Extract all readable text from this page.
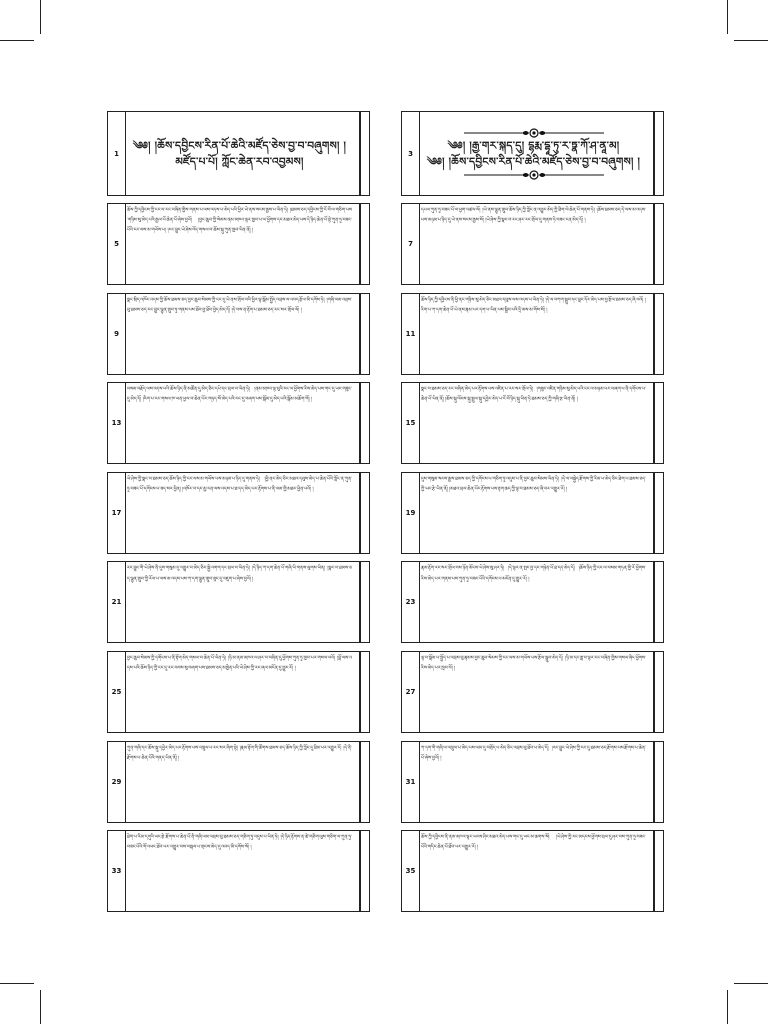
1
༄༅། །ཆོས་དབྱིངས་རིན་པོ་ཆེའི་མཛོད་ཅེས་བྱ་བ་བཞུགས། །
མཛོད་པ་པོ། ཀློང་ཆེན་རབ་འབྱམས།
5
ཆོས་ཀྱི་དབྱིངས་ཀྱི་ངང་ལ་རང་བཞིན་གྱིས་གནས་པ་ལས་འདས་པ་མེད་པའི་ཕྱིར་ཡེ་ནས་སངས་རྒྱས་པ་ཡིན་ཏེ། །ཐམས་ཅད་དབྱིངས་ཀྱི་ངོ་བོ་ལ་གཅིག་པས་གཉིས་སུ་མེད་པའི་རྒྱལ་པོ་ཆེན་པོ་ཞེས་བྱའོ། །བྱང་ཆུབ་ཀྱི་སེམས་ནམ་མཁའ་ལྟར་ཁྱབ་པ་ལ་ཕྱོགས་དང་མཐའ་མེད་པས་དེ་ཉིད་ཆེན་པོ་སྟེ་ཀུན་ཏུ་བཟང་པོའི་ངང་ལས་མ་གཡོས་པ། །རང་བྱུང་ཡེ་ཤེས་འོད་གསལ་བ་ཆོས་སྐུ་ཀུན་ཁྱབ་ཡིན་ནོ། །
9
སྣང་སྲིད་འཁོར་འདས་ཀྱི་ཆོས་ཐམས་ཅད་བྱང་ཆུབ་སེམས་ཀྱི་ངང་དུ་ཡེ་ནས་གྲོལ་བའི་ཕྱིར་ལྟ་སྒོམ་སྤྱོད་འབྲས་ལ་འབད་རྩོལ་མི་དགོས་ཏེ། །གཞི་ལམ་འབྲས་བུ་ཐམས་ཅད་རང་བྱུང་ལྷུན་གྲུབ་ཏུ་གནས་པས་ཐོབ་བྱ་ཐོབ་བྱེད་མེད་དོ། །དེ་བས་ན་རྟོག་པ་ཐམས་ཅད་རང་སར་གྲོལ་ལོ། །
13
བསམ་བརྗོད་ལས་འདས་པའི་ཆོས་ཉིད་ནི་མཚོན་དུ་མེད་ཅིང་དཔེ་དང་བྲལ་བ་ཡིན་ཏེ། །ནམ་མཁའ་ལྟ་བུའི་ངང་ལ་ཕྱོགས་རིས་མེད་པས་གང་དུ་ཡང་གཟུང་དུ་མེད་དོ། །རིག་པ་རང་གསལ་ཁ་ཡན་ཕྱལ་བ་ཆེན་པོར་གཏད་སོ་མེད་པའི་ངང་དུ་བཞག་པས་སྒོམ་དུ་མེད་པའི་སྒོམ་མཆོག་གོ། །
17
ཡེ་ཤེས་ཀྱི་སྣང་བ་ཐམས་ཅད་ཆོས་ཉིད་ཀྱི་ངང་ལས་མ་གཡོས་པས་མཉམ་པ་ཉིད་དུ་གནས་ཏེ། །ཕྱི་ནང་མེད་ཅིང་མཐའ་དབུས་མེད་པ་ཆེན་པོའི་ཀློང་ན་ཀུན་ཏུ་བཟང་པོ་དགོངས་པ་ཟད་སར་ཕྱིན། །འཁོར་བ་དང་མྱ་ངན་ལས་འདས་པ་ཐ་དད་མེད་པར་རྟོགས་པ་ནི་ལམ་གྱི་མཐར་ཕྱིན་པའོ། །
21
རང་བྱུང་གི་ཡེ་ཤེས་ནི་དུས་གསུམ་དུ་འགྱུར་བ་མེད་ཅིང་སྐྱེ་འགག་དང་བྲལ་བ་ཡིན་ཏེ། །དེ་ཉིད་ཀ་དག་ཆེན་པོ་གཞི་ཡི་གནས་ལུགས་ཡིན། །སྣང་བ་ཐམས་ཅད་ལྷུན་གྲུབ་ཀྱི་རོལ་པ་ལས་མ་འདས་པས་ཀ་དག་ལྷུན་གྲུབ་ཟུང་དུ་འཇུག་པ་ཞེས་བྱའོ། །
25
བྱང་ཆུབ་སེམས་ཀྱི་དགོངས་པ་ནི་རྟོག་མེད་གསལ་བ་ཆེན་པོ་ཡིན་ཏེ། །ཉི་མ་ནམ་མཁའ་ལ་ཤར་བ་བཞིན་དུ་ཕྱོགས་ཀུན་ཏུ་ཁྱབ་པར་གསལ་བའོ། །བློ་ལས་འདས་པའི་ཆོས་ཉིད་ཀྱི་ངང་དུ་རང་བབས་སུ་བཞག་པས་ཐམས་ཅད་མཁྱེན་པའི་ཡེ་ཤེས་ཀྱི་རང་ཞལ་མངོན་དུ་གྱུར་རོ། །
29
ཀུན་གཞི་དང་ཆོས་སྐུ་དབྱེར་མེད་པར་རྟོགས་པས་འཁྲུལ་པ་རང་སར་ཞིག་སྟེ། །རྣམ་རྟོག་གི་ཚོགས་ཐམས་ཅད་ཆོས་ཉིད་ཀྱི་ཀློང་དུ་ཐིམ་པར་འགྱུར་རོ། །དེ་ནི་རྫོགས་པ་ཆེན་པོའི་གནད་ཡིན་ནོ། །
33
ཐེག་པ་རིམ་དགུའི་ཡང་རྩེ་རྫོགས་པ་ཆེན་པོ་ནི་གཞི་ལམ་འབྲས་བུ་ཐམས་ཅད་གཅིག་ཏུ་འདུས་པ་ཡིན་ཏེ། །དེ་ཉིད་རྟོགས་ན་ཚེ་གཅིག་ལུས་གཅིག་ལ་ཀུན་ཏུ་བཟང་པོའི་གོ་འཕང་ཐོབ་པར་འགྱུར་བས་བསྐལ་པ་གྲངས་མེད་དུ་འབད་མི་དགོས་སོ། །
3
༄༅། །རྒྱ་གར་སྐད་དུ། དྷརྨ་དྷཱ་ཏུ་ར་ཏྣ་ཀོ་ཤ་ནཱ་མ།
༄༅། །ཆོས་དབྱིངས་རིན་པོ་ཆེའི་མཛོད་ཅེས་བྱ་བ་བཞུགས། །
7
དཔལ་ཀུན་ཏུ་བཟང་པོ་ལ་ཕྱག་འཚལ་ལོ། །ཡེ་ནས་ལྷུན་གྲུབ་ཆོས་ཉིད་ཀྱི་ཀློང་ན་འགྱུར་མེད་ཀྱི་ཐིག་ལེ་ཆེན་པོ་གནས་ཏེ། །ཆོས་ཐམས་ཅད་དེ་ལས་མ་འདས་པས་མཉམ་པ་ཉིད་དུ་ཡེ་ནས་སངས་རྒྱས་སོ། །ཡེ་ཤེས་ཀྱི་སྣང་བ་རང་ཤར་རང་གྲོལ་དུ་གནས་ཏེ་བཟང་ངན་མེད་དོ། །
11
ཆོས་ཉིད་ཀྱི་དབྱིངས་ནི་ཕྱི་ནང་གཉིས་སུ་མེད་ཅིང་མཐའ་དབུས་ལས་འདས་པ་ཡིན་ཏེ། །དེ་ལ་བཀག་སྒྲུབ་དང་བླང་དོར་མེད་པས་བྱ་རྩོལ་ཐམས་ཅད་ཞི་བའོ། །རིག་པ་ཀ་དག་ཆེན་པོ་ཡེ་ནས་རྣམ་པར་དག་པ་ཡིན་པས་སྒྲིབ་པའི་དྲི་མས་མ་གོས་སོ། །
15
སྣང་བ་ཐམས་ཅད་རང་བཞིན་མེད་པར་རྟོགས་པས་འཛིན་པ་རང་སར་གྲོལ་ཏེ། །གཟུང་འཛིན་གཉིས་སུ་མེད་པའི་ངང་ལ་མཉམ་པར་བཞག་པ་ནི་དགོངས་པ་ཆེན་པོ་ཡིན་ནོ། །ཆོས་སྐུ་ལོངས་སྐུ་སྤྲུལ་སྐུ་དབྱེར་མེད་པ་ངོ་བོ་ཉིད་སྐུ་ཡིན་ཏེ་ཐམས་ཅད་ཀྱི་གཞི་རྩ་ཡིན་ནོ། །
19
དུས་གསུམ་སངས་རྒྱས་ཐམས་ཅད་ཀྱི་དགོངས་པ་གཅིག་ཏུ་འདུས་པ་ནི་བྱང་ཆུབ་སེམས་ཡིན་ཏེ། །དེ་ལ་བསྐྱེད་རྫོགས་ཀྱི་རིམ་པ་མེད་ཅིང་ཐེག་པ་ཐམས་ཅད་ཀྱི་ཡང་རྩེ་ཡིན་ནོ། །མཐའ་བྲལ་ཆེན་པོར་རྟོགས་པས་རྟག་ཆད་ཀྱི་ལྟ་བ་ཐམས་ཅད་ཞི་བར་འགྱུར་རོ། །
23
རྣམ་རྟོག་རང་སར་གྲོལ་བས་ཉོན་མོངས་ཡེ་ཤེས་སུ་ཤར་ཏེ། །དེ་ལྟར་ན་སྤང་བྱ་དང་གཉེན་པོ་ཐ་དད་མེད་དོ། །ཆོས་ཉིད་ཀྱི་ངང་ལ་བསམ་གཏན་གྱི་རོ་ཕྱོགས་རིས་མེད་པར་གནས་པས་ཀུན་ཏུ་བཟང་པོའི་དགོངས་པ་མངོན་དུ་གྱུར་རོ། །
27
ལྟ་བ་སྒོམ་པ་སྤྱོད་པ་འབྲས་བུ་རྣམས་བྱང་ཆུབ་སེམས་ཀྱི་ངང་ལས་མ་གཡོས་པས་རྩོལ་སྒྲུབ་མེད་དོ། །ཉི་མ་དང་ཟླ་བ་ལྟར་རང་བཞིན་གྱིས་གསལ་ཞིང་ཕྱོགས་རིས་མེད་པར་ཁྱབ་བོ། །
31
ཀ་དག་གི་གཞི་ལ་འཁྲུལ་པ་མེད་པས་ལམ་དུ་བགྲོད་པ་མེད་ཅིང་འབྲས་བུ་ཐོབ་པ་མེད་དོ། །རང་བྱུང་ཡེ་ཤེས་ཀྱི་ངང་དུ་ཐམས་ཅད་རྫོགས་པས་རྫོགས་པ་ཆེན་པོ་ཞེས་བྱའོ། །
35
ཆོས་ཀྱི་དབྱིངས་ནི་ནམ་མཁའ་ལྟར་ཡངས་ཤིང་མཐའ་མེད་པས་གང་དུ་ཡང་མ་ཆགས་སོ། །ཡེ་ཤེས་ཀྱི་རང་མདངས་ཕྱོགས་བྲལ་དུ་ཤར་བས་ཀུན་ཏུ་བཟང་པོའི་གདིང་ཆེན་པོ་ཐོབ་པར་འགྱུར་རོ། །
